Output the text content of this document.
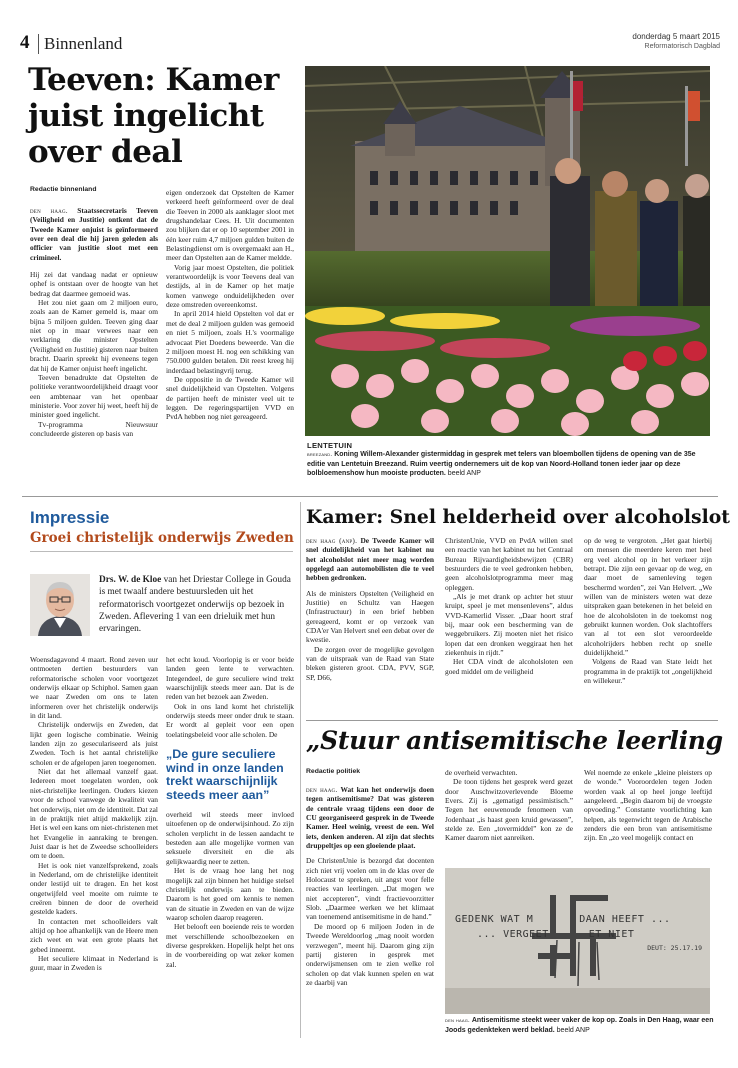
4 Binnenland	donderdag 5 maart 2015
Reformatorisch Dagblad
Teeven: Kamer juist ingelicht over deal
Redactie binnenland

den haag. Staatssecretaris Teeven (Veiligheid en Justitie) ontkent dat de Tweede Kamer onjuist is geïnformeerd over een deal die hij jaren geleden als officier van justitie sloot met een crimineel.

Hij zei dat vandaag nadat er opnieuw ophef is ontstaan over de hoogte van het bedrag dat daarmee gemoeid was.

Het zou niet gaan om 2 miljoen euro, zoals aan de Kamer gemeld is, maar om bijna 5 miljoen gulden. Teeven ging daar niet op in maar verwees naar een verklaring die minister Opstelten (Veiligheid en Justitie) gisteren naar buiten bracht. Daarin spreekt hij eveneens tegen dat hij de Kamer onjuist heeft ingelicht.

Teeven benadrukte dat Opstelten de politieke verantwoordelijkheid draagt voor een ambtenaar van het openbaar ministerie. Voor zover hij weet, heeft hij de minister goed ingelicht.

Tv-programma Nieuwsuur concludeerde gisteren op basis van

eigen onderzoek dat Opstelten de Kamer verkeerd heeft geïnformeerd over de deal die Teeven in 2000 als aanklager sloot met drugshandelaar Cees. H. Uit documenten zou blijken dat er op 10 september 2001 in één keer ruim 4,7 miljoen gulden buiten de Belastingdienst om is overgemaakt aan H., meer dan Opstelten aan de Kamer meldde.

Vorig jaar moest Opstelten, die politiek verantwoordelijk is voor Teevens deal van destijds, al in de Kamer op het matje komen vanwege onduidelijkheden over deze omstreden overeenkomst.

In april 2014 hield Opstelten vol dat er met de deal 2 miljoen gulden was gemoeid en niet 5 miljoen, zoals H.'s voormalige advocaat Piet Doedens beweerde. Van die 2 miljoen moest H. nog een schikking van 750.000 gulden betalen. Dit reest kreeg hij inderdaad belastingvrij terug.

De oppositie in de Tweede Kamer wil snel duidelijkheid van Opstelten. Volgens de partijen heeft de minister veel uit te leggen. De regeringspartijen VVD en PvdA hebben nog niet gereageerd.

LENTETUIN
breezand. Koning Willem-Alexander gistermiddag in gesprek met telers van bloembollen tijdens de opening van de 35e editie van Lentetuin Breezand. Ruim veertig ondernemers uit de kop van Noord-Holland tonen ieder jaar op deze bolbloemenshow hun mooiste producten. beeld ANP
Impressie
Groei christelijk onderwijs Zweden
Drs. W. de Kloe van het Driestar College in Gouda is met twaalf andere bestuursleden uit het reformatorisch voortgezet onderwijs op bezoek in Zweden. Aflevering 1 van een drieluik met hun ervaringen.

Woensdagavond 4 maart. Rond zeven uur ontmoeten dertien bestuurders van reformatorische scholen voor voortgezet onderwijs elkaar op Schiphol. Samen gaan we naar Zweden om ons te laten informeren over het christelijk onderwijs in dit land.

Christelijk onderwijs en Zweden, dat lijkt geen logische combinatie. Weinig landen zijn zo geseculariseerd als juist Zweden. Toch is het aantal christelijke scholen er de afgelopen jaren toegenomen.

Niet dat het allemaal vanzelf gaat. Iedereen moet toegelaten worden, ook niet-christelijke leerlingen. Ouders kiezen voor de school vanwege de kwaliteit van het onderwijs, niet om de identiteit. Dat zal in de praktijk niet altijd makkelijk zijn. Het is wel een kans om niet-christenen met het Evangelie in aanraking te brengen. Juist daar is het de Zweedse schoolleiders om te doen.

Het is ook niet vanzelfsprekend, zoals in Nederland, om de christelijke identiteit onder lestijd uit te dragen. En het kost ongetwijfeld veel moeite om ruimte te creëren binnen de door de overheid gestelde kaders.

In contacten met schoolleiders valt altijd op hoe afhankelijk van de Heere men zich weet en wat een grote plaats het gebed inneemt.

Het seculiere klimaat in Nederland is guur, maar in Zweden is

het echt koud. Voorlopig is er voor beide landen geen lente te verwachten. Integendeel, de gure seculiere wind trekt waarschijnlijk steeds meer aan. Dat is de reden van het bezoek aan Zweden.

Ook in ons land komt het christelijk onderwijs steeds meer onder druk te staan. Er wordt al gepleit voor een open toelatingsbeleid voor alle scholen. De

„De gure seculiere wind in onze landen trekt waarschijnlijk steeds meer aan”

overheid wil steeds meer invloed uitoefenen op de onderwijsinhoud. Zo zijn scholen verplicht in de lessen aandacht te besteden aan alle mogelijke vormen van seksuele diversiteit en die als gelijkwaardig neer te zetten.

Het is de vraag hoe lang het nog mogelijk zal zijn binnen het huidige stelsel christelijk onderwijs aan te bieden. Daarom is het goed om kennis te nemen van de situatie in Zweden en van de wijze waarop scholen daarop reageren.

Het belooft een boeiende reis te worden met verschillende schoolbezoeken en diverse gesprekken. Hopelijk helpt het ons in de voorbereiding op wat zeker komen zal.

Kamer: Snel helderheid over alcoholslot

den haag (anp). De Tweede Kamer wil snel duidelijkheid van het kabinet nu het alcoholslot niet meer mag worden opgelegd aan automobilisten die te veel hebben gedronken.

Als de ministers Opstelten (Veiligheid en Justitie) en Schultz van Haegen (Infrastructuur) in een brief hebben gereageerd, komt er op verzoek van CDA'er Van Helvert snel een debat over de kwestie.

De zorgen over de mogelijke gevolgen van de uitspraak van de Raad van State bleken gisteren groot. CDA, PVV, SGP, SP, D66,

ChristenUnie, VVD en PvdA willen snel een reactie van het kabinet nu het Centraal Bureau Rijvaardigheidsbewijzen (CBR) bestuurders die te veel gedronken hebben, geen alcoholslotprogramma meer mag opleggen.

„Als je met drank op achter het stuur kruipt, speel je met mensenlevens”, aldus VVD-Kamerlid Visser. „Daar hoort straf bij, maar ook een bescherming van de weggebruikers. Zij moeten niet het risico lopen dat een dronken weggiraat hen het ziekenhuis in rijdt.”

Het CDA vindt de alcoholsloten een goed middel om de veiligheid

op de weg te vergroten. „Het gaat hierbij om mensen die meerdere keren met heel erg veel alcohol op in het verkeer zijn betrapt. Die zijn een gevaar op de weg, en daar moet de samenleving tegen beschermd worden”, zei Van Helvert. „We willen van de ministers weten wat deze uitspraken gaan betekenen in het beleid en hoe de alcoholsloten in de toekomst nog gebruikt kunnen worden. Ook slachtoffers van al tot een slot veroordeelde alcoholrijders hebben recht op snelle duidelijkheid.”

Volgens de Raad van State leidt het programma in de praktijk tot „ongelijkheid en willekeur.”

„Stuur antisemitische leerling
Redactie politiek

den haag. Wat kan het onderwijs doen tegen antisemitisme? Dat was gisteren de centrale vraag tijdens een door de CU georganiseerd gesprek in de Tweede Kamer. Heel weinig, vreest de een. Wel iets, denken anderen. Al zijn dat slechts druppeltjes op een gloeiende plaat.

De ChristenUnie is bezorgd dat docenten zich niet vrij voelen om in de klas over de Holocaust te spreken, uit angst voor felle reacties van leerlingen. „Dat mogen we niet accepteren”, vindt fractievoorzitter Slob. „Daarmee werken we het klimaat van toenemend antisemitisme in de hand.”

De moord op 6 miljoen Joden in de Tweede Wereldoorlog „mag nooit worden verzwegen”, meent hij. Daarom ging zijn partij gisteren in gesprek met onderwijsmensen om te zien welke rol scholen op dat vlak kunnen spelen en wat ze daarbij van

de overheid verwachten.

De toon tijdens het gesprek werd gezet door Auschwitzoverlevende Bloeme Evers. Zij is „gematigd pessimistisch.” Tegen het eeuwenoude fenomeen van Jodenhaat „is haast geen kruid gewassen”, stelde ze. Een „tovermiddel” kon ze de Kamer daarom niet aanreiken.

Wel noemde ze enkele „kleine pleisters op de wonde.” Vooroordelen tegen Joden worden vaak al op heel jonge leeftijd aangeleerd. „Begin daarom bij de vroegste opvoeding.” Constante voorlichting kan helpen, als tegenwicht tegen de Arabische zenders die een bron van antisemitisme zijn. En „zo veel mogelijk contact en

GEDENK WAT M	DAAN HEEFT ...
... VERGEET	ET NIET
DEUT: 25.17.19
den haag. Antisemitisme steekt weer vaker de kop op. Zoals in Den Haag, waar een Joods gedenkteken werd beklad. beeld ANP
